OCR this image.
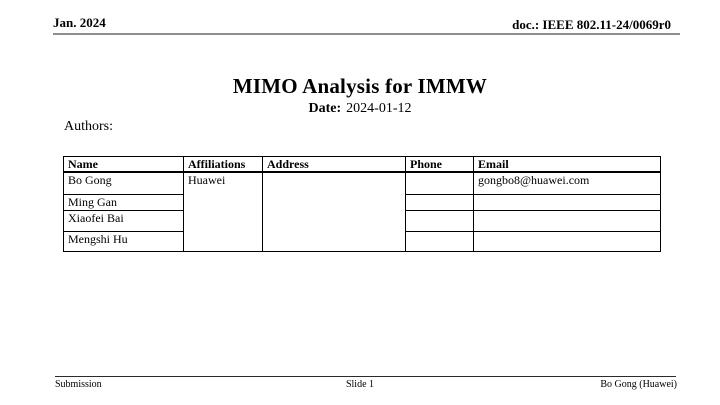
Jan. 2024	doc.: IEEE 802.11-24/0069r0
MIMO Analysis for IMMW
Date: 2024-01-12
Authors:
Name	Affiliations	Address	Phone	Email
Bo Gong	Huawei			gongbo8@huawei.com
Ming Gan				
Xiaofei Bai				
Mengshi Hu				
Submission	Slide 1	Bo Gong (Huawei)
